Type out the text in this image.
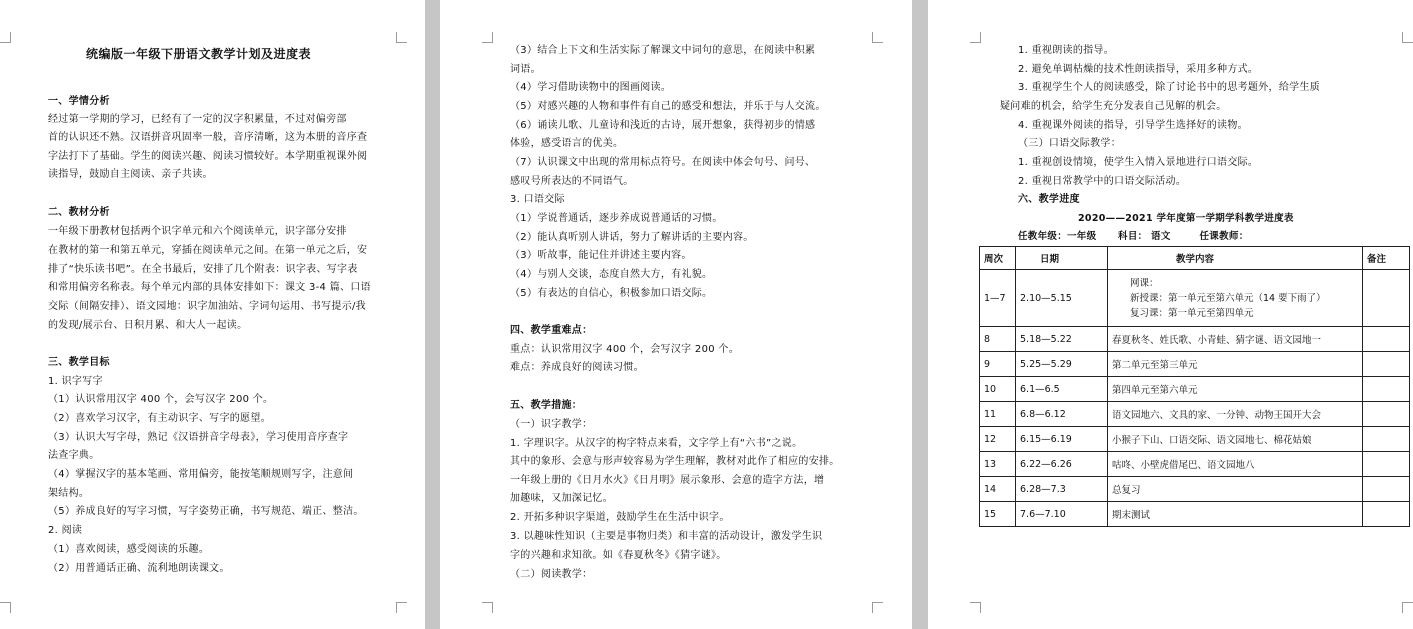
统编版一年级下册语文教学计划及进度表
一、学情分析
经过第一学期的学习，已经有了一定的汉字积累量，不过对偏旁部
首的认识还不熟。汉语拼音巩固率一般，音序清晰，这为本册的音序查
字法打下了基础。学生的阅读兴趣、阅读习惯较好。本学期重视课外阅
读指导，鼓励自主阅读、亲子共读。
二、教材分析
一年级下册教材包括两个识字单元和六个阅读单元，识字部分安排
在教材的第一和第五单元，穿插在阅读单元之间。在第一单元之后，安
排了“快乐读书吧”。在全书最后，安排了几个附表：识字表、写字表
和常用偏旁名称表。每个单元内部的具体安排如下：课文 3-4 篇、口语
交际（间隔安排）、语文园地：识字加油站、字词句运用、书写提示/我
的发现/展示台、日积月累、和大人一起读。
三、教学目标
1. 识字写字
（1）认识常用汉字 400 个，会写汉字 200 个。
（2）喜欢学习汉字，有主动识字、写字的愿望。
（3）认识大写字母，熟记《汉语拼音字母表》，学习使用音序查字
法查字典。
（4）掌握汉字的基本笔画、常用偏旁，能按笔顺规则写字，注意间
架结构。
（5）养成良好的写字习惯，写字姿势正确，书写规范、端正、整洁。
2. 阅读
（1）喜欢阅读，感受阅读的乐趣。
（2）用普通话正确、流利地朗读课文。
（3）结合上下文和生活实际了解课文中词句的意思，在阅读中积累
词语。
（4）学习借助读物中的图画阅读。
（5）对感兴趣的人物和事件有自己的感受和想法，并乐于与人交流。
（6）诵读儿歌、儿童诗和浅近的古诗，展开想象，获得初步的情感
体验，感受语言的优美。
（7）认识课文中出现的常用标点符号。在阅读中体会句号、问号、
感叹号所表达的不同语气。
3. 口语交际
（1）学说普通话，逐步养成说普通话的习惯。
（2）能认真听别人讲话，努力了解讲话的主要内容。
（3）听故事，能记住并讲述主要内容。
（4）与别人交谈，态度自然大方，有礼貌。
（5）有表达的自信心，积极参加口语交际。
四、教学重难点：
重点：认识常用汉字 400 个，会写汉字 200 个。
难点：养成良好的阅读习惯。
五、教学措施：
（一）识字教学：
1. 字理识字。从汉字的构字特点来看，文字学上有“六书”之说。
其中的象形、会意与形声较容易为学生理解，教材对此作了相应的安排。
一年级上册的《日月水火》《日月明》展示象形、会意的造字方法，增
加趣味，又加深记忆。
2. 开拓多种识字渠道，鼓励学生在生活中识字。
3. 以趣味性知识（主要是事物归类）和丰富的活动设计，激发学生识
字的兴趣和求知欲。如《春夏秋冬》《猜字谜》。
（二）阅读教学：
1. 重视朗读的指导。
2. 避免单调枯燥的技术性朗读指导，采用多种方式。
3. 重视学生个人的阅读感受，除了讨论书中的思考题外，给学生质
疑问难的机会，给学生充分发表自己见解的机会。
4. 重视课外阅读的指导，引导学生选择好的读物。
（三）口语交际教学：
1. 重视创设情境，使学生入情入景地进行口语交际。
2. 重视日常教学中的口语交际活动。
六、教学进度
2020——2021 学年度第一学期学科教学进度表
任教年级：一年级      科目： 语文        任课教师：
周次	日期	教学内容	备注
1—7	2.10—5.15	网课：
新授课：第一单元至第六单元（14 要下雨了）
复习课：第一单元至第四单元	

8	5.18—5.22	春夏秋冬、姓氏歌、小青蛙、猜字谜、语文园地一	
9	5.25—5.29	第二单元至第三单元	
10	6.1—6.5	第四单元至第六单元	
11	6.8—6.12	语文园地六、文具的家、一分钟、动物王国开大会	
12	6.15—6.19	小猴子下山、口语交际、语文园地七、棉花姑娘	
13	6.22—6.26	咕咚、小壁虎借尾巴、语文园地八	
14	6.28—7.3	总复习	
15	7.6—7.10	期末测试	
